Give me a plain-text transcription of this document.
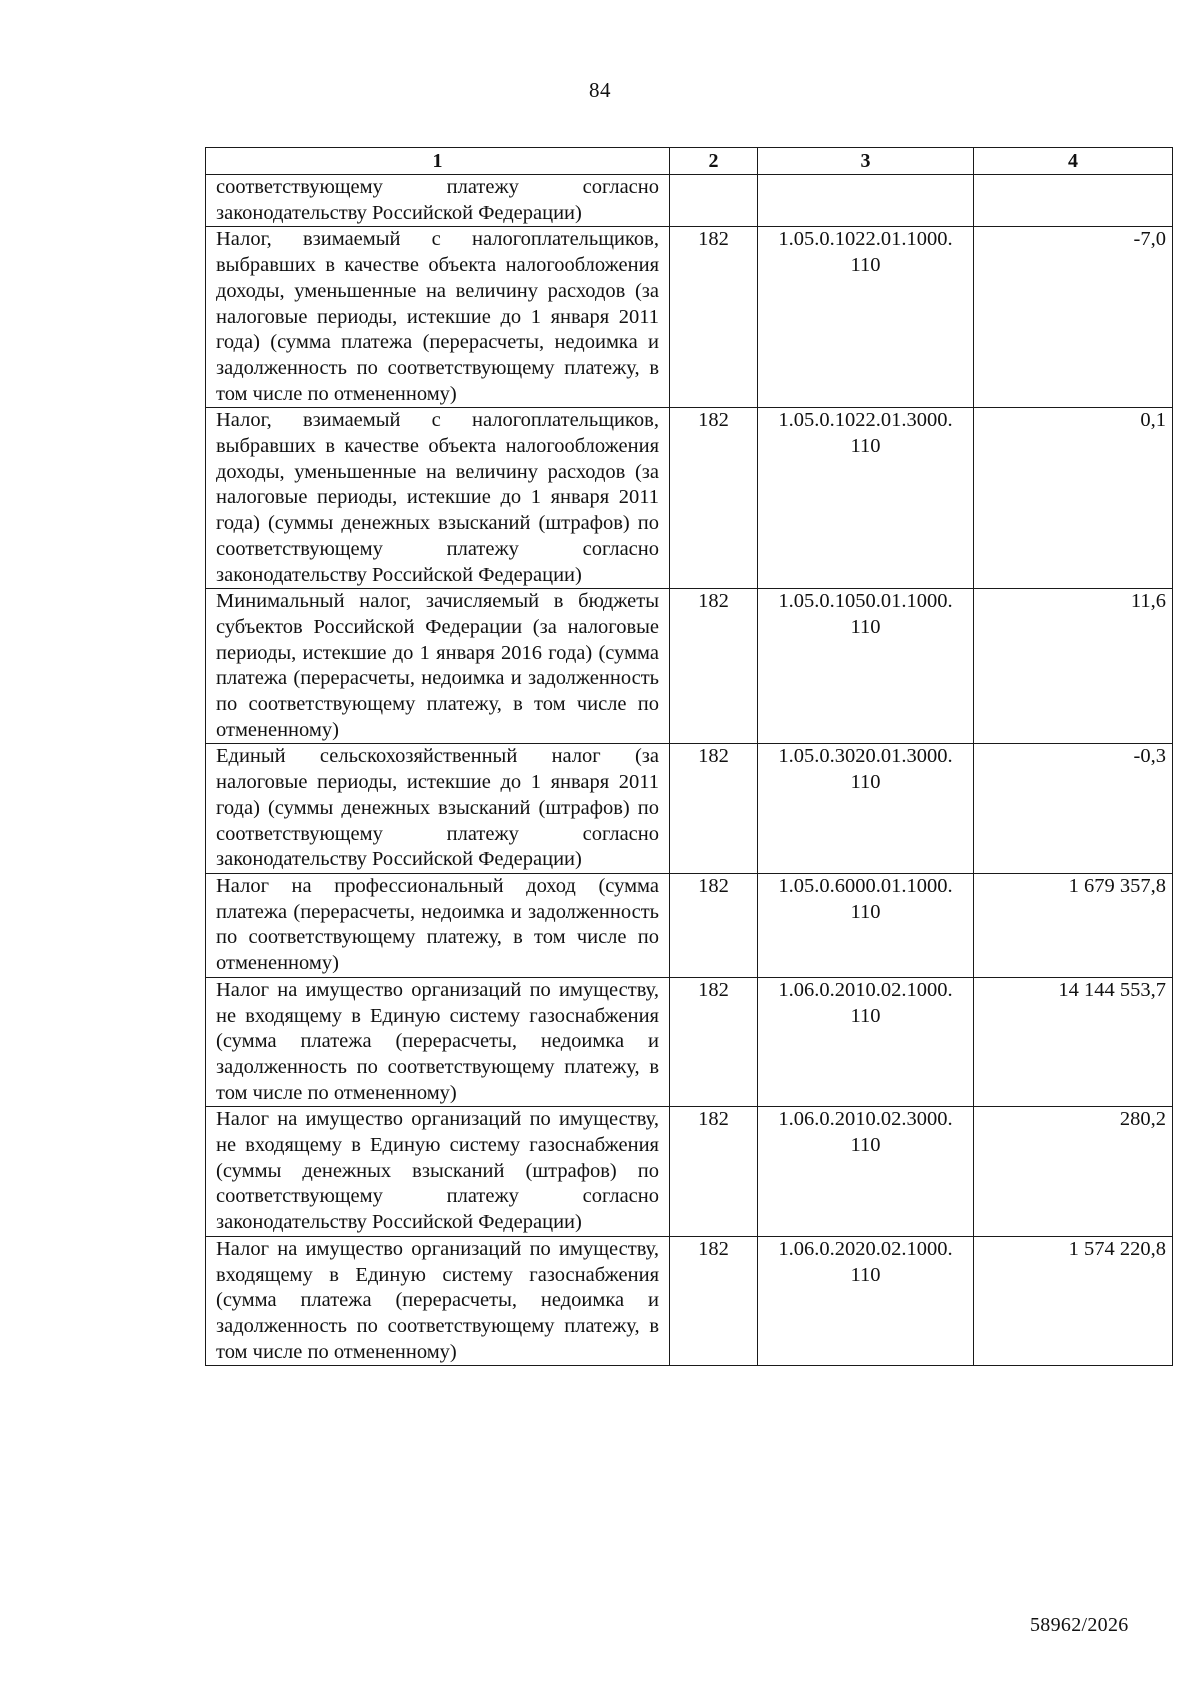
84
1	2	3	4
соответствующему платежу согласно законодательству Российской Федерации)			
Налог, взимаемый с налогоплательщиков, выбравших в качестве объекта налогообложения доходы, уменьшенные на величину расходов (за налоговые периоды, истекшие до 1 января 2011 года) (сумма платежа (перерасчеты, недоимка и задолженность по соответствующему платежу, в том числе по отмененному)	182	1.05.0.1022.01.1000. 110	-7,0
Налог, взимаемый с налогоплательщиков, выбравших в качестве объекта налогообложения доходы, уменьшенные на величину расходов (за налоговые периоды, истекшие до 1 января 2011 года) (суммы денежных взысканий (штрафов) по соответствующему платежу согласно законодательству Российской Федерации)	182	1.05.0.1022.01.3000. 110	0,1
Минимальный налог, зачисляемый в бюджеты субъектов Российской Федерации (за налоговые периоды, истекшие до 1 января 2016 года) (сумма платежа (перерасчеты, недоимка и задолженность по соответствующему платежу, в том числе по отмененному)	182	1.05.0.1050.01.1000. 110	11,6
Единый сельскохозяйственный налог (за налоговые периоды, истекшие до 1 января 2011 года) (суммы денежных взысканий (штрафов) по соответствующему платежу согласно законодательству Российской Федерации)	182	1.05.0.3020.01.3000. 110	-0,3
Налог на профессиональный доход (сумма платежа (перерасчеты, недоимка и задолженность по соответствующему платежу, в том числе по отмененному)	182	1.05.0.6000.01.1000. 110	1 679 357,8
Налог на имущество организаций по имуществу, не входящему в Единую систему газоснабжения (сумма платежа (перерасчеты, недоимка и задолженность по соответствующему платежу, в том числе по отмененному)	182	1.06.0.2010.02.1000. 110	14 144 553,7
Налог на имущество организаций по имуществу, не входящему в Единую систему газоснабжения (суммы денежных взысканий (штрафов) по соответствующему платежу согласно законодательству Российской Федерации)	182	1.06.0.2010.02.3000. 110	280,2
Налог на имущество организаций по имуществу, входящему в Единую систему газоснабжения (сумма платежа (перерасчеты, недоимка и задолженность по соответствующему платежу, в том числе по отмененному)	182	1.06.0.2020.02.1000. 110	1 574 220,8
58962/2026
